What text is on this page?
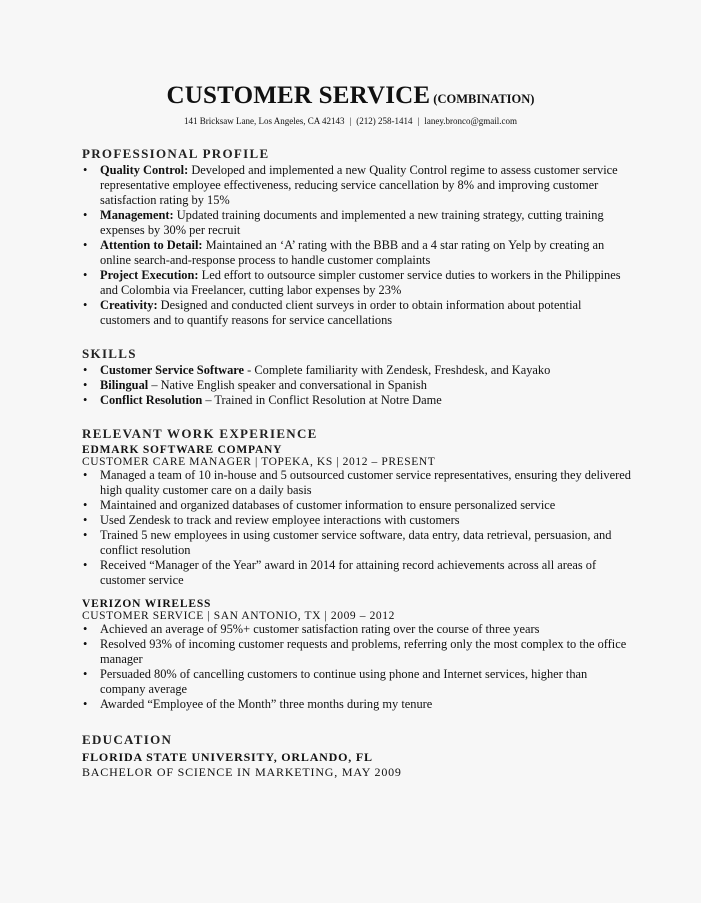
CUSTOMER SERVICE (COMBINATION)
141 Bricksaw Lane, Los Angeles, CA 42143 | (212) 258-1414 | laney.bronco@gmail.com
PROFESSIONAL PROFILE
• Quality Control: Developed and implemented a new Quality Control regime to assess customer service representative employee effectiveness, reducing service cancellation by 8% and improving customer satisfaction rating by 15%
• Management: Updated training documents and implemented a new training strategy, cutting training expenses by 30% per recruit
• Attention to Detail: Maintained an ‘A’ rating with the BBB and a 4 star rating on Yelp by creating an online search-and-response process to handle customer complaints
• Project Execution: Led effort to outsource simpler customer service duties to workers in the Philippines and Colombia via Freelancer, cutting labor expenses by 23%
• Creativity: Designed and conducted client surveys in order to obtain information about potential customers and to quantify reasons for service cancellations
SKILLS
• Customer Service Software - Complete familiarity with Zendesk, Freshdesk, and Kayako
• Bilingual – Native English speaker and conversational in Spanish
• Conflict Resolution – Trained in Conflict Resolution at Notre Dame
RELEVANT WORK EXPERIENCE
EDMARK SOFTWARE COMPANY
CUSTOMER CARE MANAGER | TOPEKA, KS | 2012 – PRESENT
• Managed a team of 10 in-house and 5 outsourced customer service representatives, ensuring they delivered high quality customer care on a daily basis
• Maintained and organized databases of customer information to ensure personalized service
• Used Zendesk to track and review employee interactions with customers
• Trained 5 new employees in using customer service software, data entry, data retrieval, persuasion, and conflict resolution
• Received “Manager of the Year” award in 2014 for attaining record achievements across all areas of customer service
VERIZON WIRELESS
CUSTOMER SERVICE | SAN ANTONIO, TX | 2009 – 2012
• Achieved an average of 95%+ customer satisfaction rating over the course of three years
• Resolved 93% of incoming customer requests and problems, referring only the most complex to the office manager
• Persuaded 80% of cancelling customers to continue using phone and Internet services, higher than company average
• Awarded “Employee of the Month” three months during my tenure
EDUCATION
FLORIDA STATE UNIVERSITY, ORLANDO, FL
BACHELOR OF SCIENCE IN MARKETING, MAY 2009
